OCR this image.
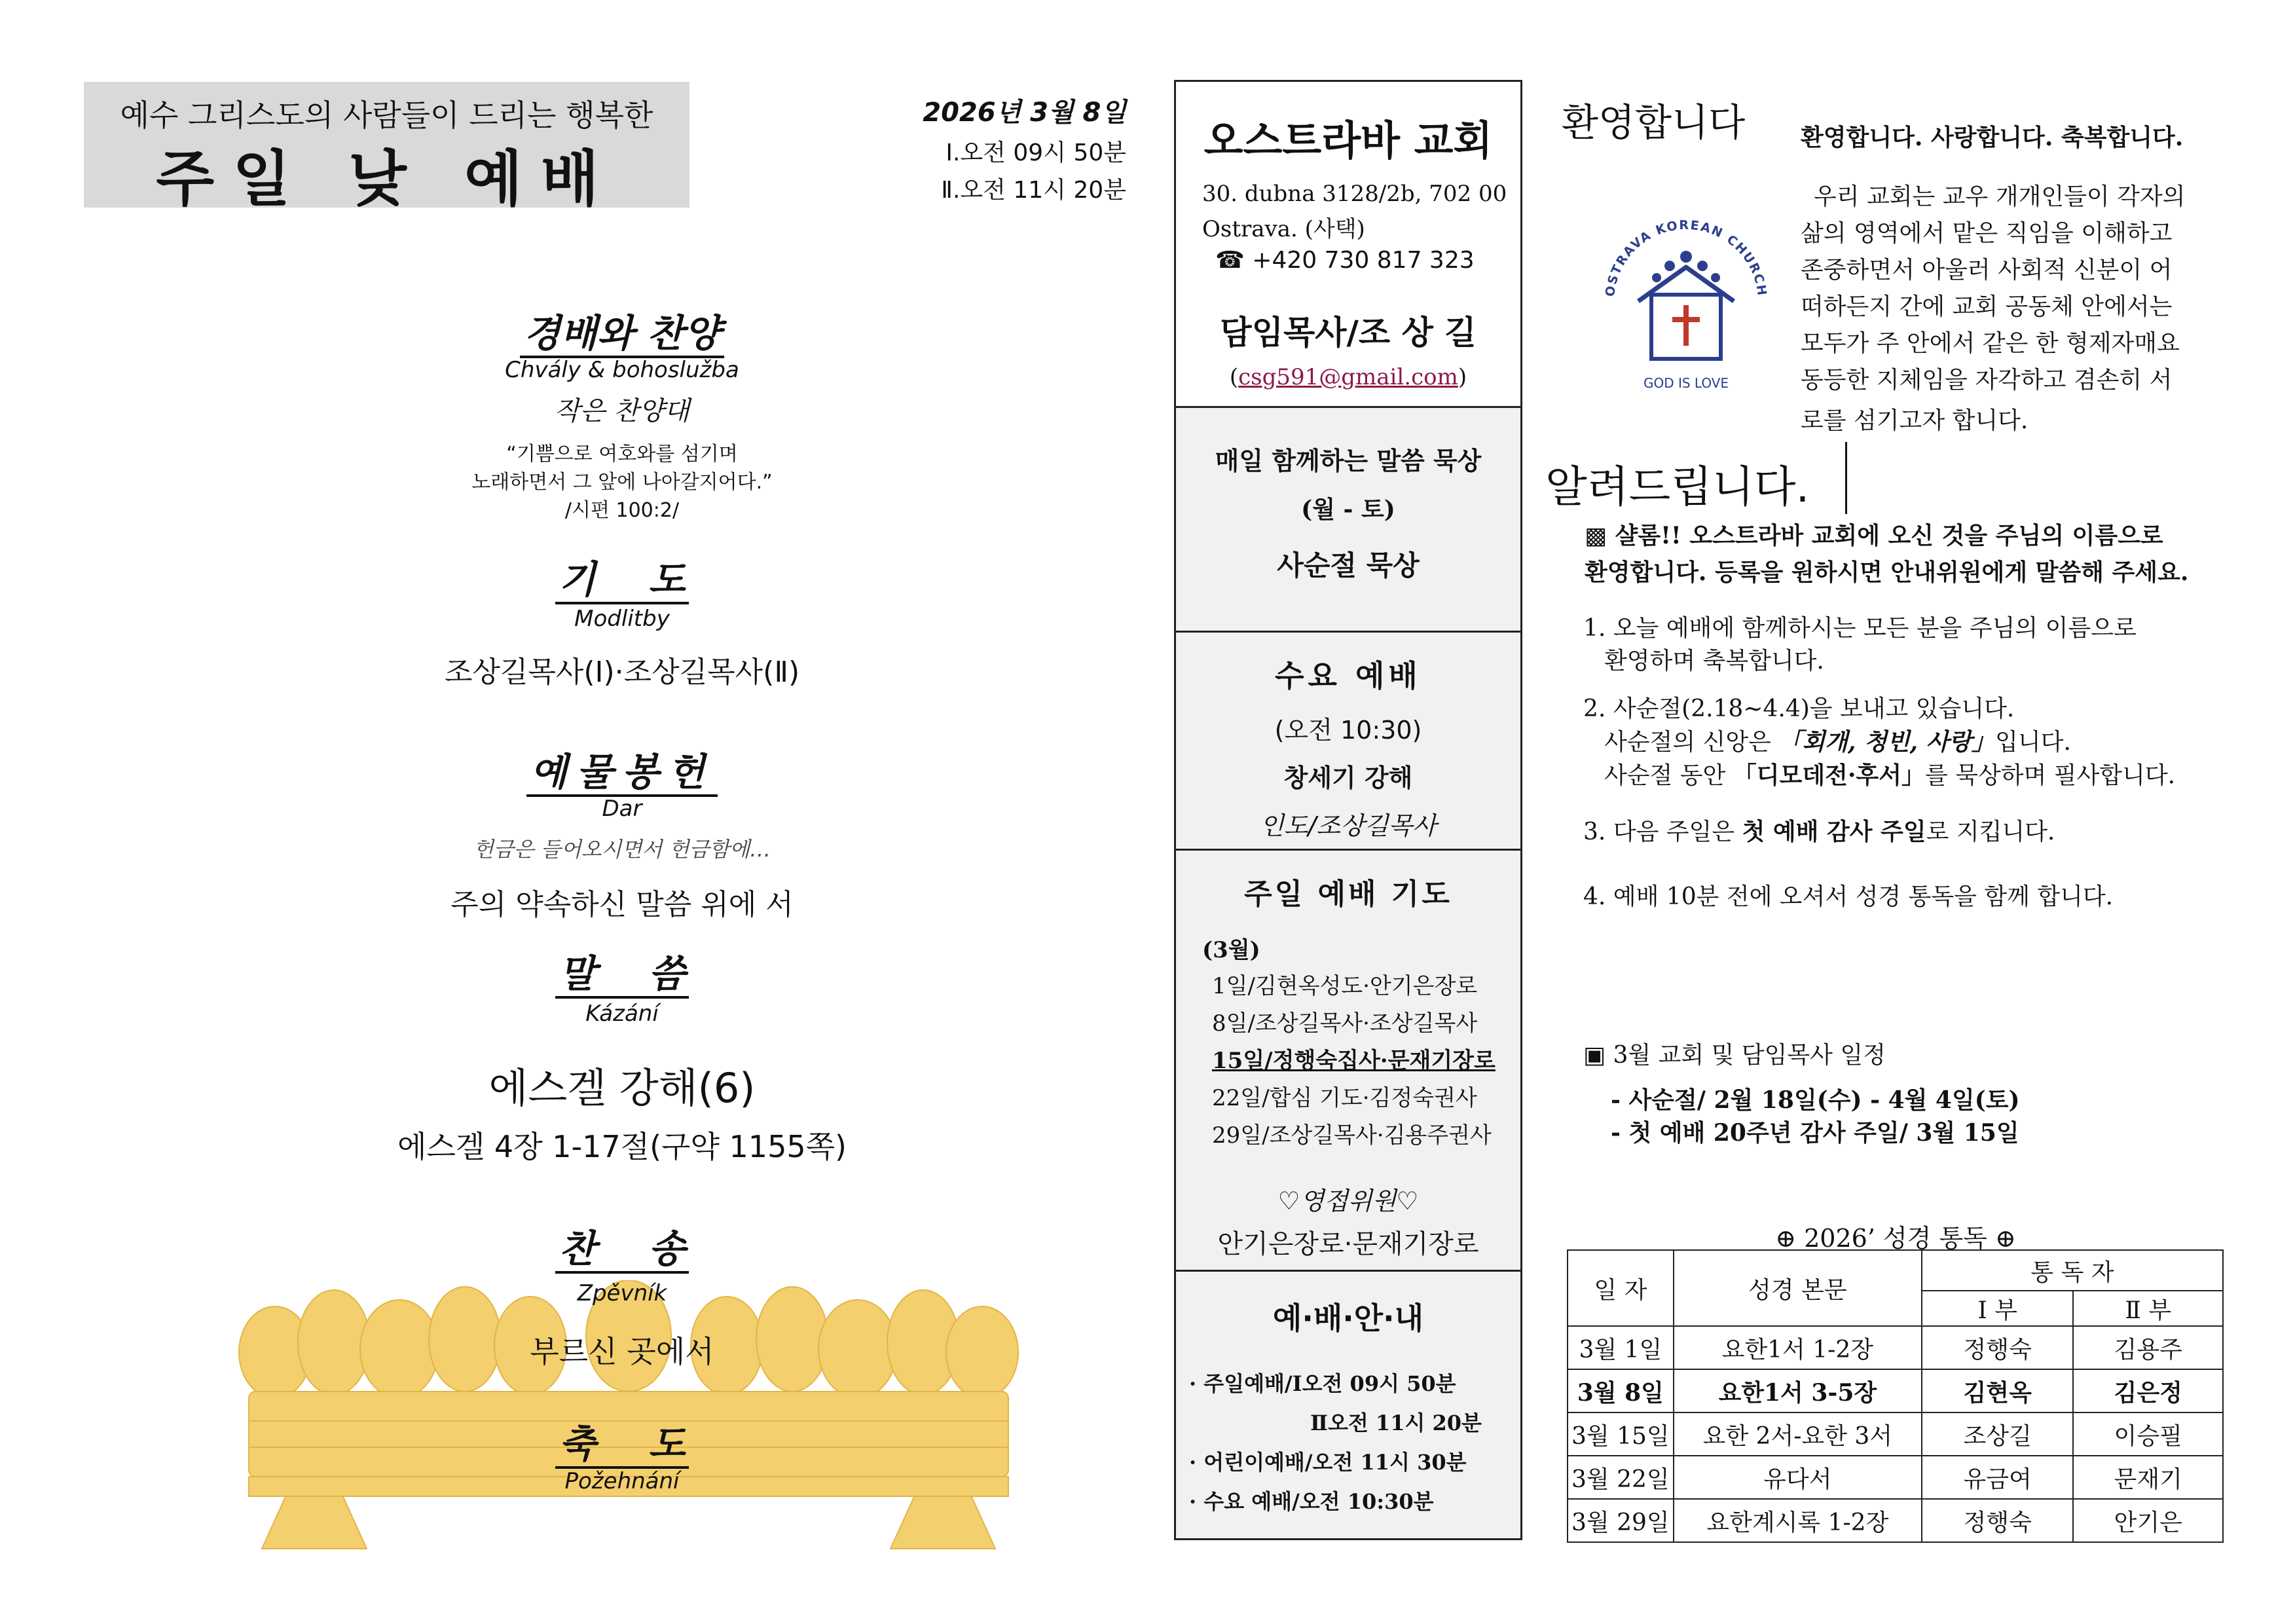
예수 그리스도의 사람들이 드리는 행복한
주일 낮 예배
2026년 3월 8일
Ⅰ.오전 09시 50분
Ⅱ.오전 11시 20분
경배와 찬양
Chvály & bohoslužba
작은 찬양대
“기쁨으로 여호와를 섬기며
노래하면서 그 앞에 나아갈지어다.”
/시편 100:2/
기    도
Modlitby
조상길목사(Ⅰ)·조상길목사(Ⅱ)
예물봉헌
Dar
헌금은 들어오시면서 헌금함에…
주의 약속하신 말씀 위에 서
말    씀
Kázání
에스겔 강해(6)
에스겔 4장 1-17절(구약 1155쪽)
찬    송
Zpěvník
부르신 곳에서
축    도
Požehnání
오스트라바 교회
30. dubna 3128/2b, 702 00
Ostrava. (사택)
☎ +420 730 817 323
담임목사/조 상 길
(csg591@gmail.com)
매일 함께하는 말씀 묵상
(월 - 토)
사순절 묵상
수요 예배
(오전 10:30)
창세기 강해
인도/조상길목사
주일 예배 기도
(3월)
1일/김현옥성도·안기은장로
8일/조상길목사·조상길목사
15일/정행숙집사·문재기장로
22일/합심 기도·김정숙권사
29일/조상길목사·김용주권사
♡영접위원♡
안기은장로·문재기장로
예·배·안·내
· 주일예배/Ⅰ오전 09시 50분
Ⅱ오전 11시 20분
· 어린이예배/오전 11시 30분
· 수요 예배/오전 10:30분
환영합니다 환영합니다. 사랑합니다. 축복합니다.
우리 교회는 교우 개개인들이 각자의
삶의 영역에서 맡은 직임을 이해하고
존중하면서 아울러 사회적 신분이 어
떠하든지 간에 교회 공동체 안에서는
모두가 주 안에서 같은 한 형제자매요
동등한 지체임을 자각하고 겸손히 서
로를 섬기고자 합니다.
OSTRAVA KOREAN CHURCH
GOD IS LOVE
알려드립니다.
▩ 샬롬!! 오스트라바 교회에 오신 것을 주님의 이름으로
환영합니다. 등록을 원하시면 안내위원에게 말씀해 주세요.
1. 오늘 예배에 함께하시는 모든 분을 주님의 이름으로
환영하며 축복합니다.
2. 사순절(2.18~4.4)을 보내고 있습니다.
사순절의 신앙은 「회개, 청빈, 사랑」입니다.
사순절 동안 「디모데전·후서」를 묵상하며 필사합니다.
3. 다음 주일은 첫 예배 감사 주일로 지킵니다.
4. 예배 10분 전에 오셔서 성경 통독을 함께 합니다.
▣ 3월 교회 및 담임목사 일정
- 사순절/ 2월 18일(수) - 4월 4일(토)
- 첫 예배 20주년 감사 주일/ 3월 15일
⊕ 2026’ 성경 통독 ⊕
일 자	성경 본문	통 독 자	
		Ⅰ 부	Ⅱ 부
3월 1일	요한1서 1-2장	정행숙	김용주
3월 8일	요한1서 3-5장	김현옥	김은정
3월 15일	요한 2서-요한 3서	조상길	이승필
3월 22일	유다서	유금여	문재기
3월 29일	요한계시록 1-2장	정행숙	안기은
